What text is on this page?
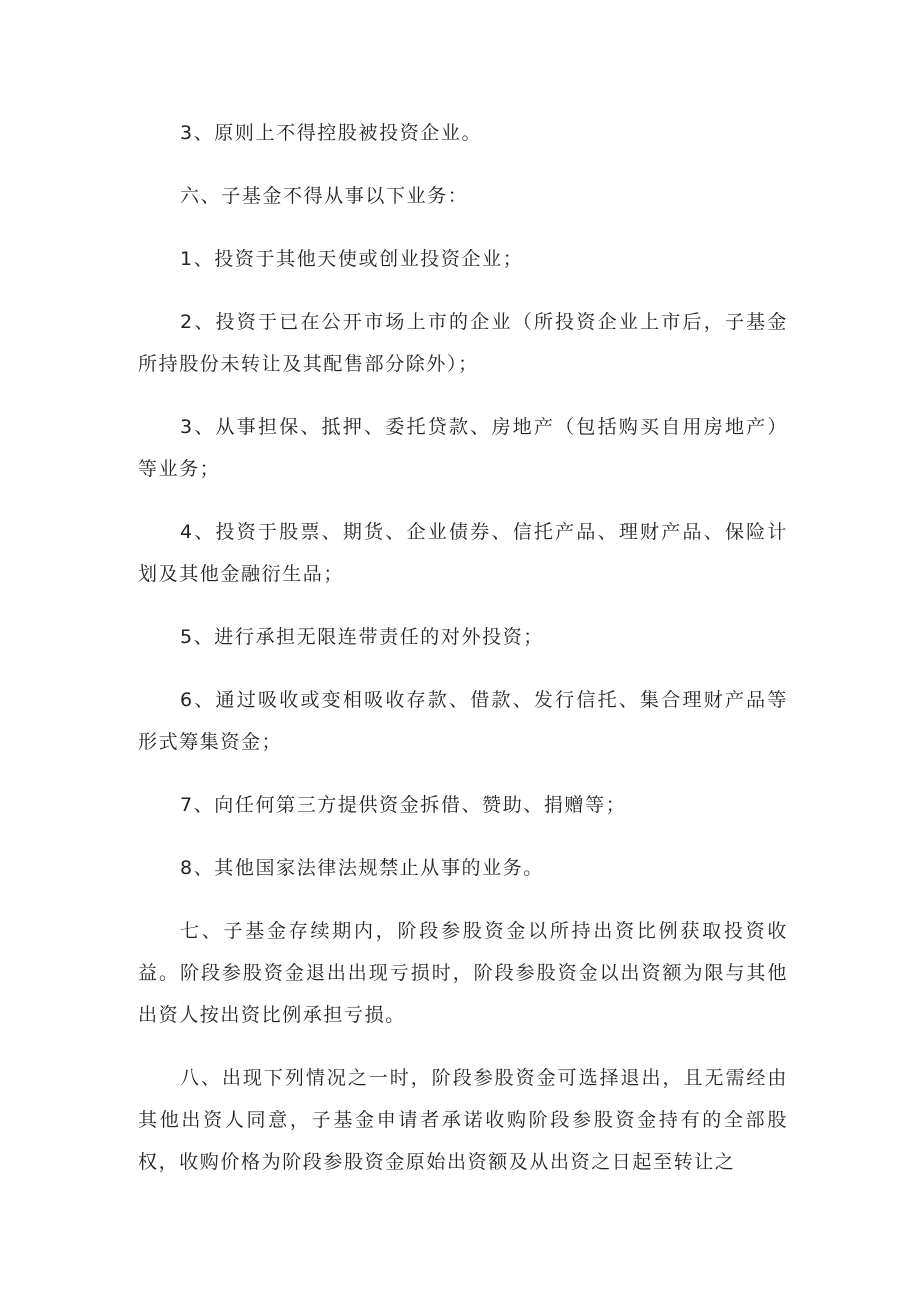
3、原则上不得控股被投资企业。

六、子基金不得从事以下业务：

1、投资于其他天使或创业投资企业；

2、投资于已在公开市场上市的企业（所投资企业上市后，子基金所持股份未转让及其配售部分除外）；

3、从事担保、抵押、委托贷款、房地产（包括购买自用房地产）等业务；

4、投资于股票、期货、企业债券、信托产品、理财产品、保险计划及其他金融衍生品；

5、进行承担无限连带责任的对外投资；

6、通过吸收或变相吸收存款、借款、发行信托、集合理财产品等形式筹集资金；

7、向任何第三方提供资金拆借、赞助、捐赠等；

8、其他国家法律法规禁止从事的业务。

七、子基金存续期内，阶段参股资金以所持出资比例获取投资收益。阶段参股资金退出出现亏损时，阶段参股资金以出资额为限与其他出资人按出资比例承担亏损。

八、出现下列情况之一时，阶段参股资金可选择退出，且无需经由其他出资人同意，子基金申请者承诺收购阶段参股资金持有的全部股权，收购价格为阶段参股资金原始出资额及从出资之日起至转让之
